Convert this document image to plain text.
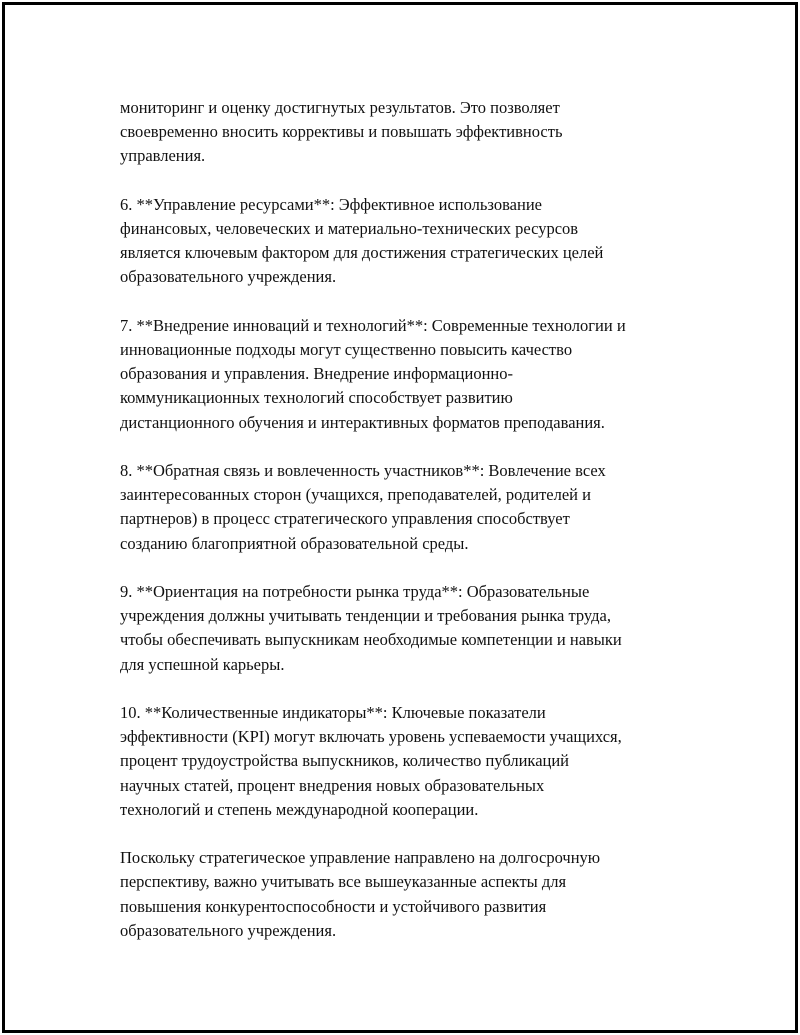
мониторинг и оценку достигнутых результатов. Это позволяет
своевременно вносить коррективы и повышать эффективность
управления.

6. **Управление ресурсами**: Эффективное использование
финансовых, человеческих и материально-технических ресурсов
является ключевым фактором для достижения стратегических целей
образовательного учреждения.

7. **Внедрение инноваций и технологий**: Современные технологии и
инновационные подходы могут существенно повысить качество
образования и управления. Внедрение информационно-
коммуникационных технологий способствует развитию
дистанционного обучения и интерактивных форматов преподавания.

8. **Обратная связь и вовлеченность участников**: Вовлечение всех
заинтересованных сторон (учащихся, преподавателей, родителей и
партнеров) в процесс стратегического управления способствует
созданию благоприятной образовательной среды.

9. **Ориентация на потребности рынка труда**: Образовательные
учреждения должны учитывать тенденции и требования рынка труда,
чтобы обеспечивать выпускникам необходимые компетенции и навыки
для успешной карьеры.

10. **Количественные индикаторы**: Ключевые показатели
эффективности (KPI) могут включать уровень успеваемости учащихся,
процент трудоустройства выпускников, количество публикаций
научных статей, процент внедрения новых образовательных
технологий и степень международной кооперации.

Поскольку стратегическое управление направлено на долгосрочную
перспективу, важно учитывать все вышеуказанные аспекты для
повышения конкурентоспособности и устойчивого развития
образовательного учреждения.
